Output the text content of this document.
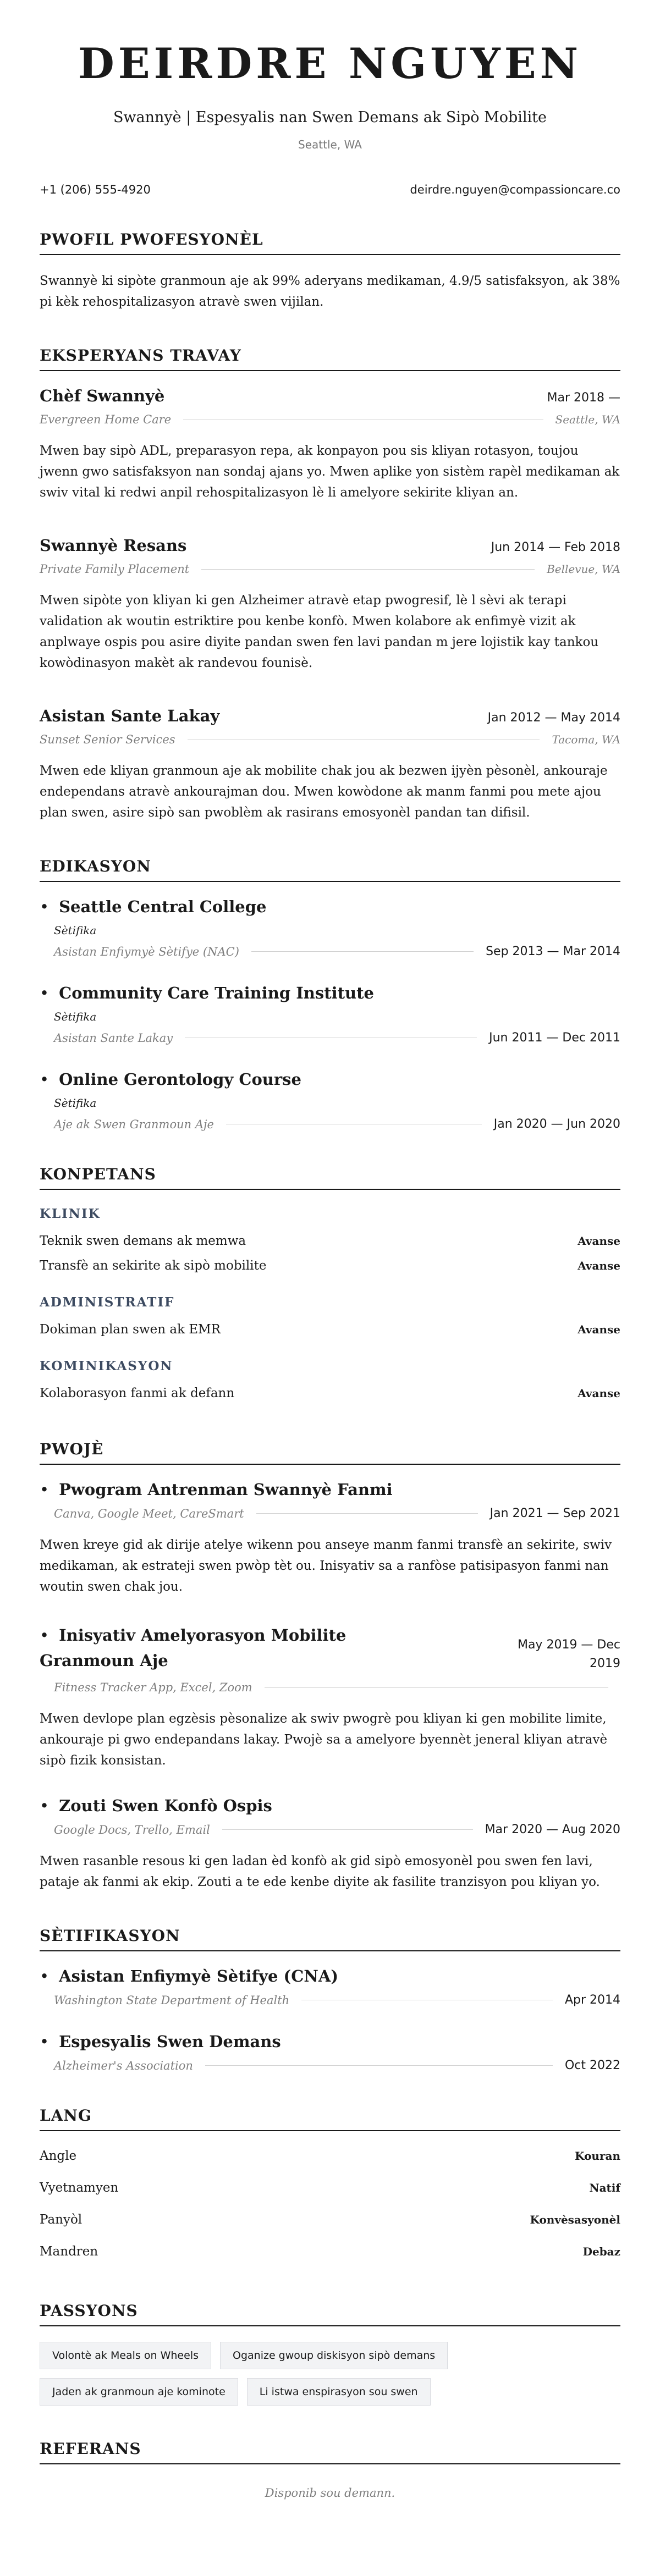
DEIRDRE NGUYEN
Swannyè | Espesyalis nan Swen Demans ak Sipò Mobilite
Seattle, WA
+1 (206) 555-4920	deirdre.nguyen@compassioncare.co
PWOFIL PWOFESYONÈL
Swannyè ki sipòte granmoun aje ak 99% aderyans medikaman, 4.9/5 satisfaksyon, ak 38% pi kèk rehospitalizasyon atravè swen vijilan.
EKSPERYANS TRAVAY
Chèf Swannyè	Mar 2018 —
Evergreen Home Care	Seattle, WA
Mwen bay sipò ADL, preparasyon repa, ak konpayon pou sis kliyan rotasyon, toujou jwenn gwo satisfaksyon nan sondaj ajans yo. Mwen aplike yon sistèm rapèl medikaman ak swiv vital ki redwi anpil rehospitalizasyon lè li amelyore sekirite kliyan an.
Swannyè Resans	Jun 2014 — Feb 2018
Private Family Placement	Bellevue, WA
Mwen sipòte yon kliyan ki gen Alzheimer atravè etap pwogresif, lè l sèvi ak terapi validation ak woutin estriktire pou kenbe konfò. Mwen kolabore ak enfimyè vizit ak anplwaye ospis pou asire diyite pandan swen fen lavi pandan m jere lojistik kay tankou kowòdinasyon makèt ak randevou founisè.
Asistan Sante Lakay	Jan 2012 — May 2014
Sunset Senior Services	Tacoma, WA
Mwen ede kliyan granmoun aje ak mobilite chak jou ak bezwen ijyèn pèsonèl, ankouraje endependans atravè ankourajman dou. Mwen kowòdone ak manm fanmi pou mete ajou plan swen, asire sipò san pwoblèm ak rasirans emosyonèl pandan tan difisil.
EDIKASYON
• Seattle Central College
Sètifika
Asistan Enfiymyè Sètifye (NAC)	Sep 2013 — Mar 2014
• Community Care Training Institute
Sètifika
Asistan Sante Lakay	Jun 2011 — Dec 2011
• Online Gerontology Course
Sètifika
Aje ak Swen Granmoun Aje	Jan 2020 — Jun 2020
KONPETANS
KLINIK
Teknik swen demans ak memwa	Avanse
Transfè an sekirite ak sipò mobilite	Avanse
ADMINISTRATIF
Dokiman plan swen ak EMR	Avanse
KOMINIKASYON
Kolaborasyon fanmi ak defann	Avanse
PWOJÈ
• Pwogram Antrenman Swannyè Fanmi
Canva, Google Meet, CareSmart	Jan 2021 — Sep 2021
Mwen kreye gid ak dirije atelye wikenn pou anseye manm fanmi transfè an sekirite, swiv medikaman, ak estrateji swen pwòp tèt ou. Inisyativ sa a ranfòse patisipasyon fanmi nan woutin swen chak jou.
• Inisyativ Amelyorasyon Mobilite Granmoun Aje
May 2019 — Dec 2019
Fitness Tracker App, Excel, Zoom
Mwen devlope plan egzèsis pèsonalize ak swiv pwogrè pou kliyan ki gen mobilite limite, ankouraje pi gwo endepandans lakay. Pwojè sa a amelyore byennèt jeneral kliyan atravè sipò fizik konsistan.
• Zouti Swen Konfò Ospis
Google Docs, Trello, Email	Mar 2020 — Aug 2020
Mwen rasanble resous ki gen ladan èd konfò ak gid sipò emosyonèl pou swen fen lavi, pataje ak fanmi ak ekip. Zouti a te ede kenbe diyite ak fasilite tranzisyon pou kliyan yo.
SÈTIFIKASYON
• Asistan Enfiymyè Sètifye (CNA)
Washington State Department of Health	Apr 2014
• Espesyalis Swen Demans
Alzheimer's Association	Oct 2022
LANG
Angle	Kouran
Vyetnamyen	Natif
Panyòl	Konvèsasyonèl
Mandren	Debaz
PASSYONS
Volontè ak Meals on Wheels	Oganize gwoup diskisyon sipò demans
Jaden ak granmoun aje kominote	Li istwa enspirasyon sou swen
REFERANS
Disponib sou demann.
